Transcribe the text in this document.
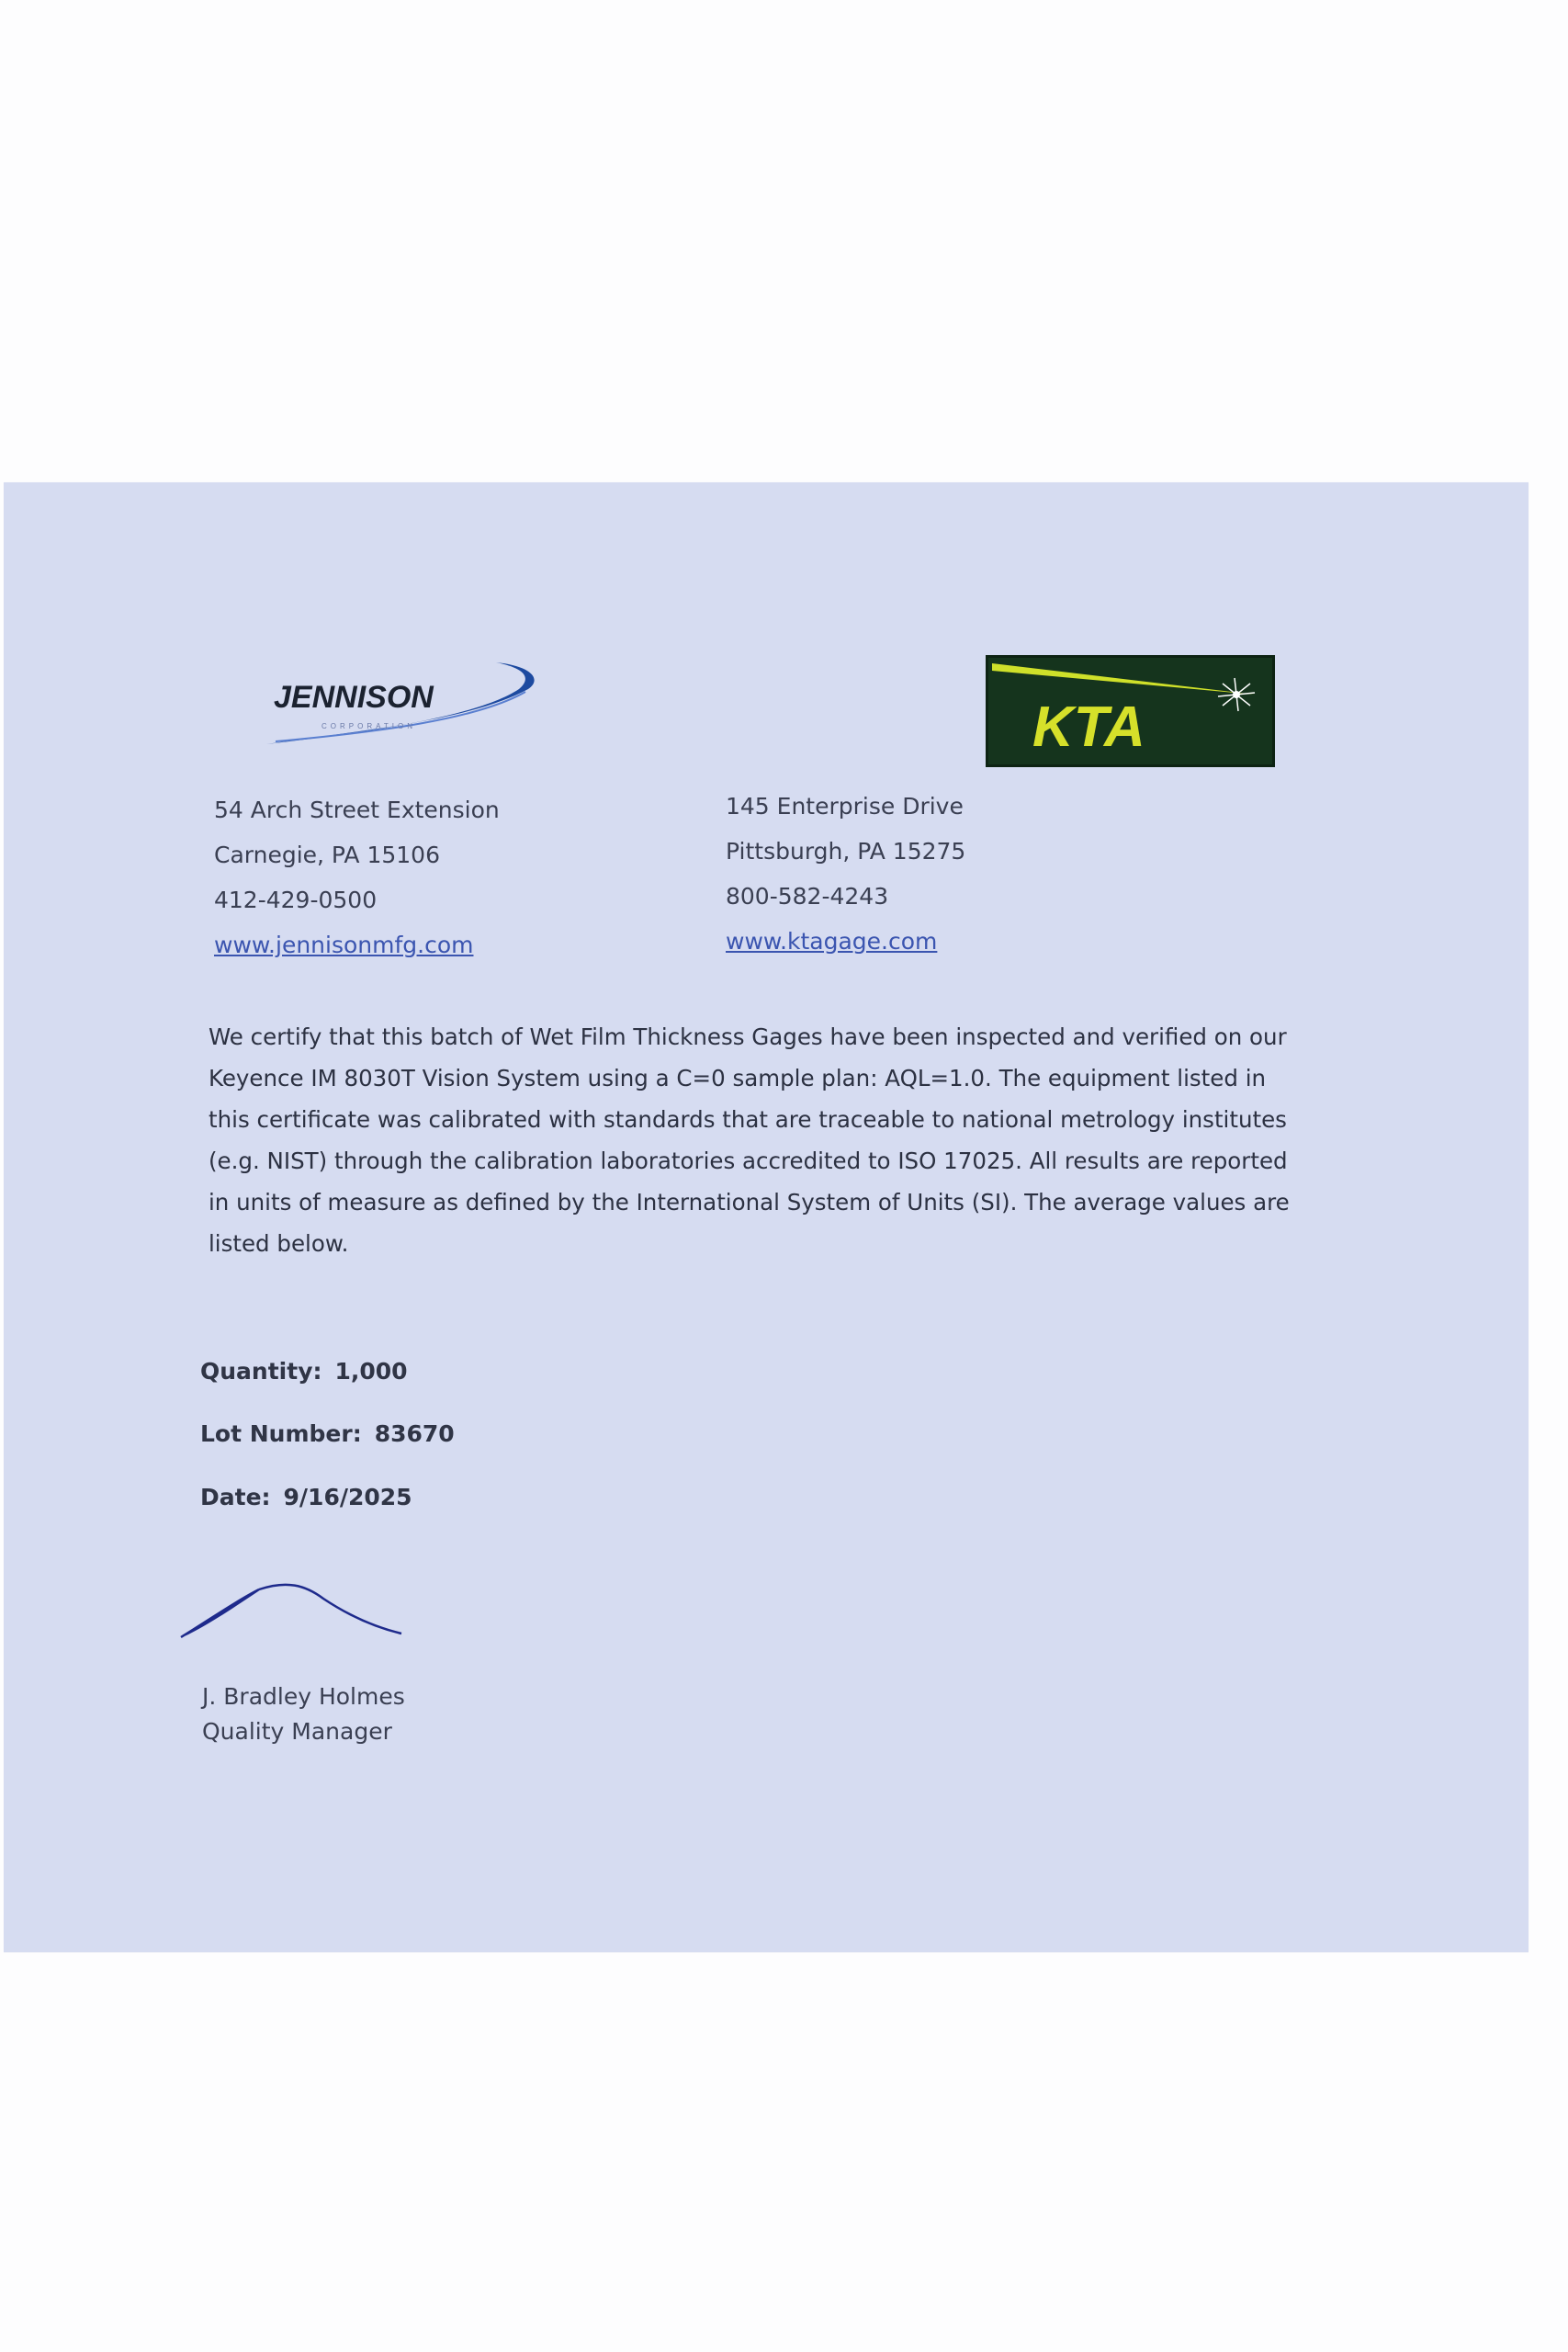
JENNISON
CORPORATION	KTA
54 Arch Street Extension
Carnegie, PA 15106
412-429-0500
www.jennisonmfg.com
145 Enterprise Drive
Pittsburgh, PA 15275
800-582-4243
www.ktagage.com
We certify that this batch of Wet Film Thickness Gages have been inspected and verified on our
Keyence IM 8030T Vision System using a C=0 sample plan: AQL=1.0. The equipment listed in
this certificate was calibrated with standards that are traceable to national metrology institutes
(e.g. NIST) through the calibration laboratories accredited to ISO 17025. All results are reported
in units of measure as defined by the International System of Units (SI). The average values are
listed below.
Quantity: 1,000
Lot Number: 83670
Date: 9/16/2025
J. Bradley Holmes
Quality Manager
